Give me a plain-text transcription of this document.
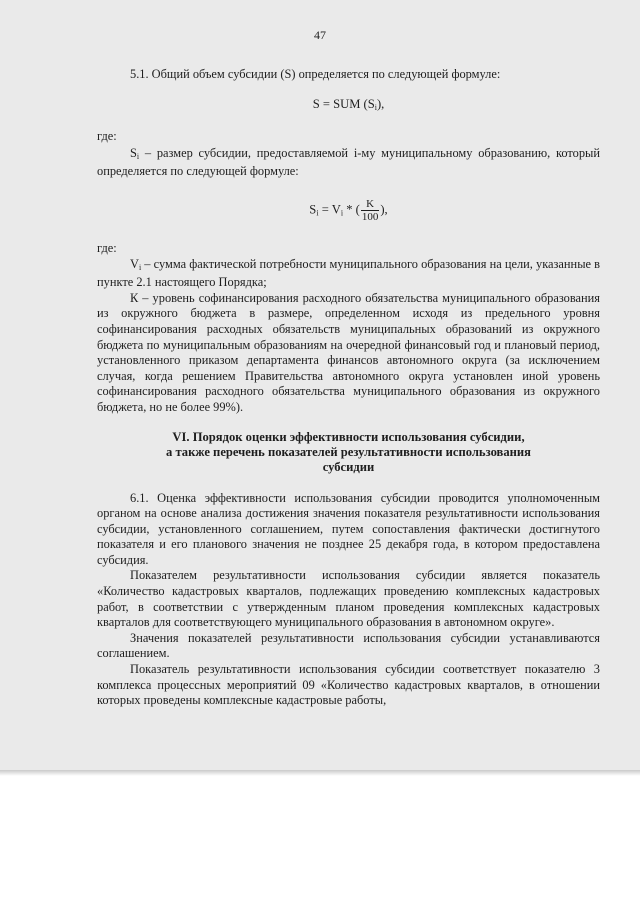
47

5.1. Общий объем субсидии (S) определяется по следующей формуле:

S = SUM $(S_i)$,

где:

$S_i$ – размер субсидии, предоставляемой i-му муниципальному образованию, который определяется по следующей формуле:

$S_i = V_i$ * ( $\frac{K}{100}$ ),

где:

$V_i$ – сумма фактической потребности муниципального образования на цели, указанные в пункте 2.1 настоящего Порядка;

К – уровень софинансирования расходного обязательства муниципального образования из окружного бюджета в размере, определенном исходя из предельного уровня софинансирования расходных обязательств муниципальных образований из окружного бюджета по муниципальным образованиям на очередной финансовый год и плановый период, установленного приказом департамента финансов автономного округа (за исключением случая, когда решением Правительства автономного округа установлен иной уровень софинансирования расходного обязательства муниципального образования из окружного бюджета, но не более 99%).

VI. Порядок оценки эффективности использования субсидии,

а также перечень показателей результативности использования

субсидии

6.1. Оценка эффективности использования субсидии проводится уполномоченным органом на основе анализа достижения значения показателя результативности использования субсидии, установленного соглашением, путем сопоставления фактически достигнутого показателя и его планового значения не позднее 25 декабря года, в котором предоставлена субсидия.

Показателем результативности использования субсидии является показатель «Количество кадастровых кварталов, подлежащих проведению комплексных кадастровых работ, в соответствии с утвержденным планом проведения комплексных кадастровых кварталов для соответствующего муниципального образования в автономном округе».

Значения показателей результативности использования субсидии устанавливаются соглашением.

Показатель результативности использования субсидии соответствует показателю 3 комплекса процессных мероприятий 09 «Количество кадастровых кварталов, в отношении которых проведены комплексные кадастровые работы,
